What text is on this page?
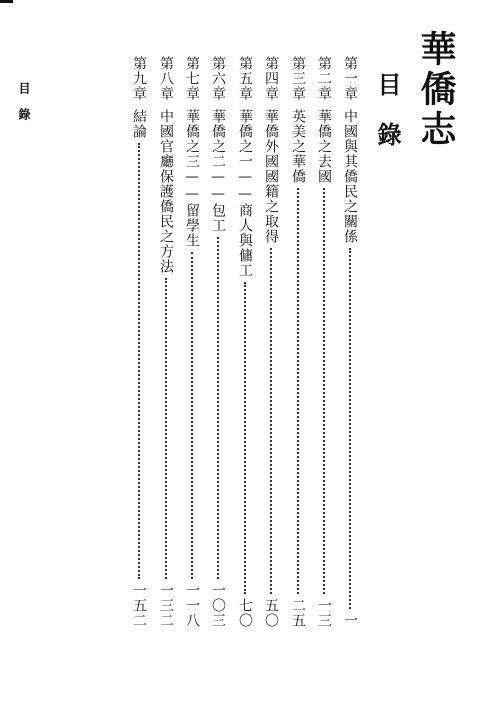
華僑志
目錄
目錄
第一章
中國與其僑民之關係
一
第二章
華僑之去國
一三
第三章
英美之華僑
二五
第四章
華僑外國國籍之取得
五〇
第五章
華僑之一——商人與傭工
七〇
第六章
華僑之二——包工
一〇三
第七章
華僑之三——留學生
一一八
第八章
中國官廳保護僑民之方法
一三二
第九章
結論
一五二
